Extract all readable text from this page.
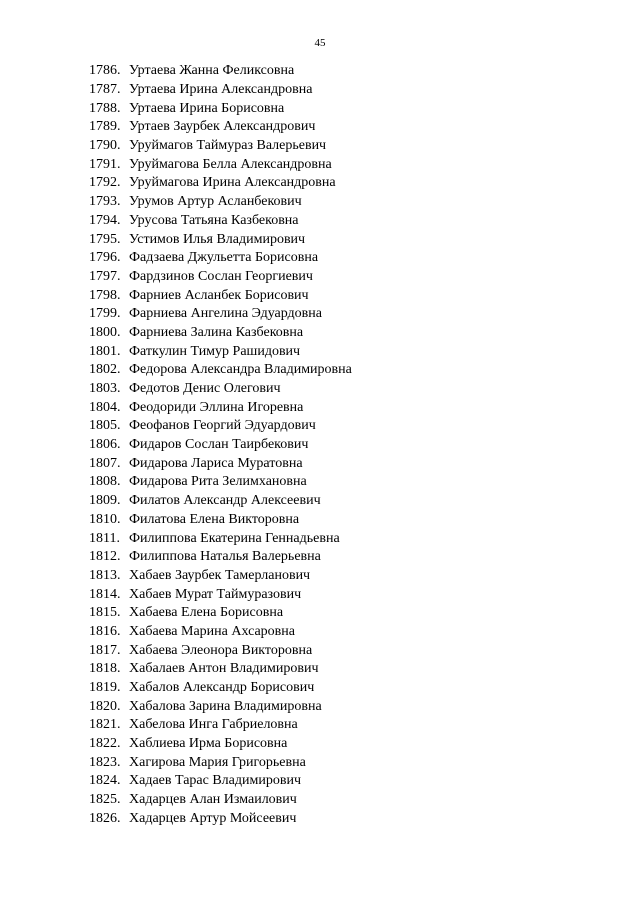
45
1786. Уртаева Жанна Феликсовна
1787. Уртаева Ирина Александровна
1788. Уртаева Ирина Борисовна
1789. Уртаев Заурбек Александрович
1790. Уруймагов Таймураз Валерьевич
1791. Уруймагова Белла Александровна
1792. Уруймагова Ирина Александровна
1793. Урумов Артур Асланбекович
1794. Урусова Татьяна Казбековна
1795. Устимов Илья Владимирович
1796. Фадзаева Джульетта Борисовна
1797. Фардзинов Сослан Георгиевич
1798. Фарниев Асланбек Борисович
1799. Фарниева Ангелина Эдуардовна
1800. Фарниева Залина Казбековна
1801. Фаткулин Тимур Рашидович
1802. Федорова Александра Владимировна
1803. Федотов Денис Олегович
1804. Феодориди Эллина Игоревна
1805. Феофанов Георгий Эдуардович
1806. Фидаров Сослан Таирбекович
1807. Фидарова Лариса Муратовна
1808. Фидарова Рита Зелимхановна
1809. Филатов Александр Алексеевич
1810. Филатова Елена Викторовна
1811. Филиппова Екатерина Геннадьевна
1812. Филиппова Наталья Валерьевна
1813. Хабаев Заурбек Тамерланович
1814. Хабаев Мурат Таймуразович
1815. Хабаева Елена Борисовна
1816. Хабаева Марина Ахсаровна
1817. Хабаева Элеонора Викторовна
1818. Хабалаев Антон Владимирович
1819. Хабалов Александр Борисович
1820. Хабалова Зарина Владимировна
1821. Хабелова Инга Габриеловна
1822. Хаблиева Ирма Борисовна
1823. Хагирова Мария Григорьевна
1824. Хадаев Тарас Владимирович
1825. Хадарцев Алан Измаилович
1826. Хадарцев Артур Мойсеевич
